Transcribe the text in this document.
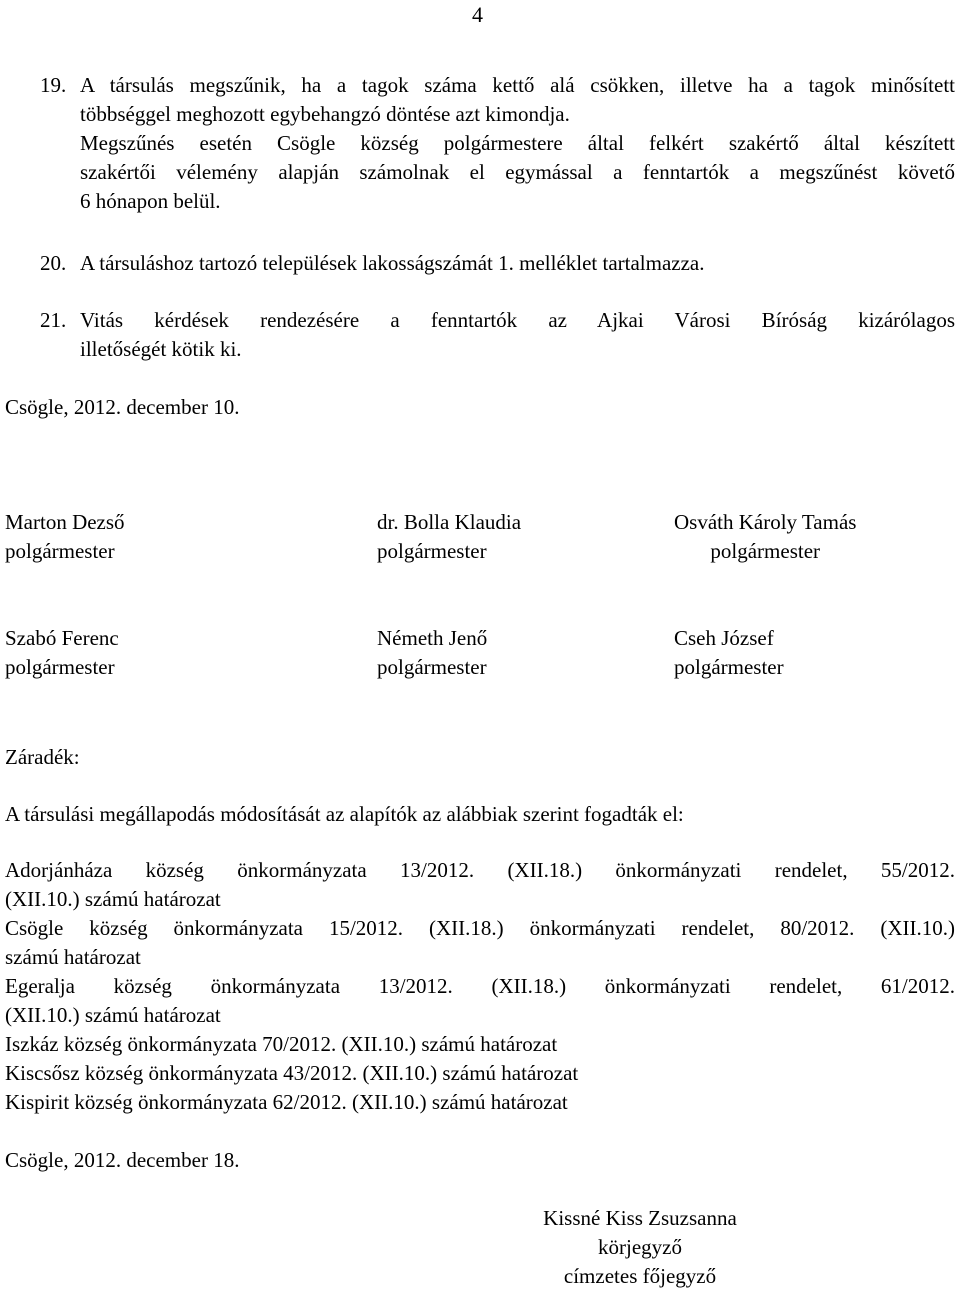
4
19. A társulás megszűnik, ha a tagok száma kettő alá csökken, illetve ha a tagok minősített
többséggel meghozott egybehangzó döntése azt kimondja.
Megszűnés esetén Csögle község polgármestere által felkért szakértő által készített
szakértői vélemény alapján számolnak el egymással a fenntartók a megszűnést követő
6 hónapon belül.
20. A társuláshoz tartozó települések lakosságszámát 1. melléklet tartalmazza.
21. Vitás kérdések rendezésére a fenntartók az Ajkai Városi Bíróság kizárólagos
illetőségét kötik ki.
Csögle, 2012. december 10.
Marton Dezső
polgármester
dr. Bolla Klaudia
polgármester
Osváth Károly Tamás
polgármester
Szabó Ferenc
polgármester
Németh Jenő
polgármester
Cseh József
polgármester
Záradék:
A társulási megállapodás módosítását az alapítók az alábbiak szerint fogadták el:
Adorjánháza község önkormányzata 13/2012. (XII.18.) önkormányzati rendelet, 55/2012.
(XII.10.) számú határozat
Csögle község önkormányzata 15/2012. (XII.18.) önkormányzati rendelet, 80/2012. (XII.10.)
számú határozat
Egeralja község önkormányzata 13/2012. (XII.18.) önkormányzati rendelet, 61/2012.
(XII.10.) számú határozat
Iszkáz község önkormányzata 70/2012. (XII.10.) számú határozat
Kiscsősz község önkormányzata 43/2012. (XII.10.) számú határozat
Kispirit község önkormányzata 62/2012. (XII.10.) számú határozat
Csögle, 2012. december 18.
Kissné Kiss Zsuzsanna
körjegyző
címzetes főjegyző
